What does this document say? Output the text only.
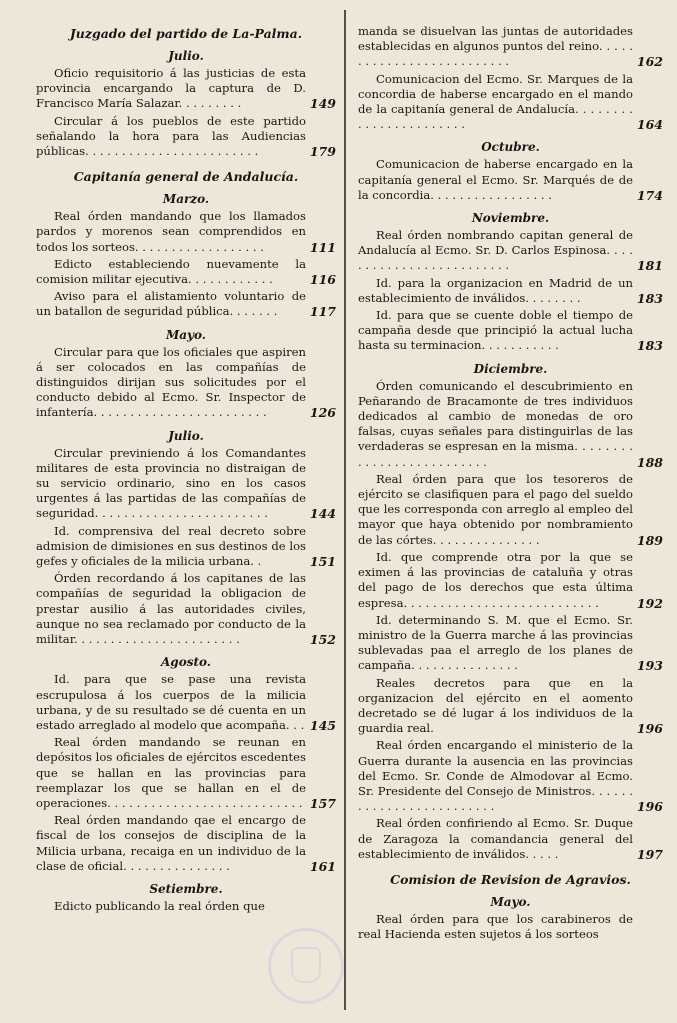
Juzgado del partido de La-Palma.
Julio.
Oficio requisitorio á las justicias de esta provincia encargando la captura de D. Francisco María Salazar. . . . . . . . .	149
Circular á los pueblos de este partido señalando la hora para las Audiencias públicas. . . . . . . . . . . . . . . . . . . . . . . .	179
Capitanía general de Andalucía.
Marzo.
Real órden mandando que los llamados pardos y morenos sean comprendidos en todos los sorteos. . . . . . . . . . . . . . . . . .	111
Edicto estableciendo nuevamente la comision militar ejecutiva. . . . . . . . . . . .	116
Aviso para el alistamiento voluntario de un batallon de seguridad pública. . . . . . .	117
Mayo.
Circular para que los oficiales que aspiren á ser colocados en las compañías de distinguidos dirijan sus solicitudes por el conducto debido al Ecmo. Sr. Inspector de infantería. . . . . . . . . . . . . . . . . . . . . . . .	126
Julio.
Circular previniendo á los Comandantes militares de esta provincia no distraigan de su servicio ordinario, sino en los casos urgentes á las partidas de las compañías de seguridad. . . . . . . . . . . . . . . . . . . . . . . .	144
Id. comprensiva del real decreto sobre admision de dimisiones en sus destinos de los gefes y oficiales de la milicia urbana. .	151
Órden recordando á los capitanes de las compañías de seguridad la obligacion de prestar ausilio á las autoridades civiles, aunque no sea reclamado por conducto de la militar. . . . . . . . . . . . . . . . . . . . . . .	152
Agosto.
Id. para que se pase una revista escrupulosa á los cuerpos de la milicia urbana, y de su resultado se dé cuenta en un estado arreglado al modelo que acompaña. . . 145
Real órden mandando se reunan en depósitos los oficiales de ejércitos escedentes que se hallan en las provincias para reemplazar los que se hallan en el de operaciones. . . . . . . . . . . . . . . . . . . . . . . . . . . 157
Real órden mandando qae el encargo de fiscal de los consejos de disciplina de la Milicia urbana, recaiga en un individuo de la clase de oficial. . . . . . . . . . . . . . .	161
Setiembre.
Edicto publicando la real órden que
manda se disuelvan las juntas de autoridades establecidas en algunos puntos del reino. . . . . . . . . . . . . . . . . . . . . . . . . .	162
Comunicacion del Ecmo. Sr. Marques de la concordia de haberse encargado en el mando de la capitanía general de Andalucía. . . . . . . . . . . . . . . . . . . . . . .	164
Octubre.
Comunicacion de haberse encargado en la capitanía general el Ecmo. Sr. Marqués de de la concordia. . . . . . . . . . . . . . . . .	174
Noviembre.
Real órden nombrando capitan general de Andalucía al Ecmo. Sr. D. Carlos Espinosa. . . . . . . . . . . . . . . . . . . . . . . . .	181
Id. para la organizacion en Madrid de un establecimiento de inválidos. . . . . . . .	183
Id. para que se cuente doble el tiempo de campaña desde que principió la actual lucha hasta su terminacion. . . . . . . . . . .	183
Diciembre.
Órden comunicando el descubrimiento en Peñarando de Bracamonte de tres individuos dedicados al cambio de monedas de oro falsas, cuyas señales para distinguirlas de las verdaderas se espresan en la misma. . . . . . . . . . . . . . . . . . . . . . . . . .	188
Real órden para que los tesoreros de ejército se clasifiquen para el pago del sueldo que les corresponda con arreglo al empleo del mayor que haya obtenido por nombramiento de las córtes. . . . . . . . . . . . . . .	189
Id. que comprende otra por la que se eximen á las provincias de cataluña y otras del pago de los derechos que esta última espresa. . . . . . . . . . . . . . . . . . . . . . . . . . .	192
Id. determinando S. M. que el Ecmo. Sr. ministro de la Guerra marche á las provincias sublevadas paa el arreglo de los planes de campaña. . . . . . . . . . . . . . .	193
Reales decretos para que en la organizacion del ejército en el aomento decretado se dé lugar á los individuos de la guardia real.	196
Real órden encargando el ministerio de la Guerra durante la ausencia en las provincias del Ecmo. Sr. Conde de Almodovar al Ecmo. Sr. Presidente del Consejo de Ministros. . . . . . . . . . . . . . . . . . . . . . . . .	196
Real órden confiriendo al Ecmo. Sr. Duque de Zaragoza la comandancia general del establecimiento de inválidos. . . . .	197
Comision de Revision de Agravios.
Mayo.
Real órden para que los carabineros de real Hacienda esten sujetos á los sorteos
